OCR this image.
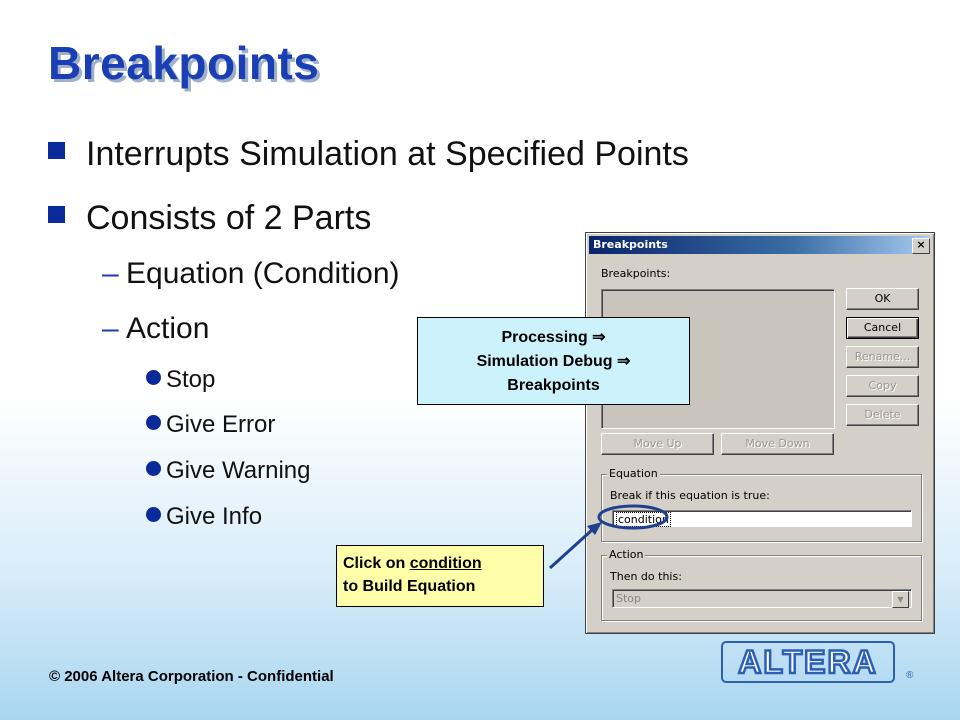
Breakpoints
Interrupts Simulation at Specified Points
Consists of 2 Parts
– Equation (Condition)
– Action
Stop
Give Error
Give Warning
Give Info
Breakpoints	×
Breakpoints:
OK
Cancel
Rename...
Copy
Delete
Move Up	Move Down
Equation
Break if this equation is true:
condition
Action
Then do this:
Stop	▼
Processing ⇒
Simulation Debug ⇒
Breakpoints
Click on condition
to Build Equation
© 2006 Altera Corporation - Confidential	ALTERA	®
